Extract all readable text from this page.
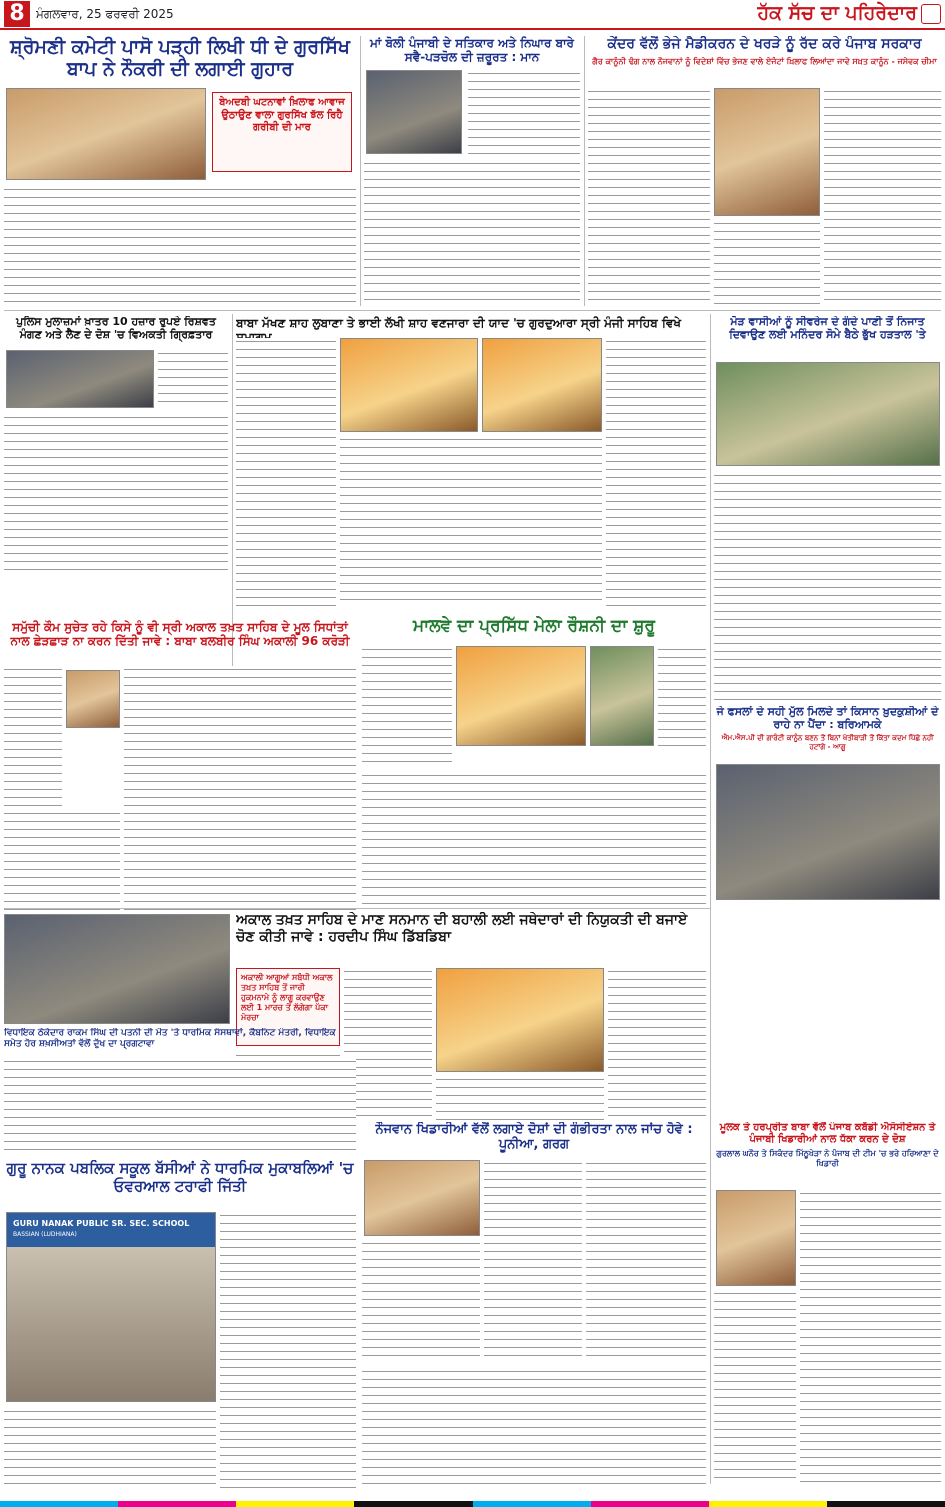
8 ਮੰਗਲਵਾਰ, 25 ਫਰਵਰੀ 2025	ਹੱਕ ਸੱਚ ਦਾ ਪਹਿਰੇਦਾਰ
ਸ਼੍ਰੋਮਣੀ ਕਮੇਟੀ ਪਾਸੋ ਪੜ੍ਹੀ ਲਿਖੀ ਧੀ ਦੇ ਗੁਰਸਿੱਖ ਬਾਪ ਨੇ ਨੌਕਰੀ ਦੀ ਲਗਾਈ ਗੁਹਾਰ
ਬੇਅਦਬੀ ਘਟਨਾਵਾਂ ਖ਼ਿਲਾਫ ਆਵਾਜ ਉਠਾਉਣ ਵਾਲਾ ਗੁਰਸਿੱਖ ਝੱਲ ਰਿਹੈ ਗਰੀਬੀ ਦੀ ਮਾਰ
ਮਾਂ ਬੋਲੀ ਪੰਜਾਬੀ ਦੇ ਸਤਿਕਾਰ ਅਤੇ ਨਿਘਾਰ ਬਾਰੇ ਸਵੈ-ਪੜਚੋਲ ਦੀ ਜ਼ਰੂਰਤ : ਮਾਨ
ਕੇਂਦਰ ਵੱਲੋਂ ਭੇਜੇ ਮੈਡੀਕਰਨ ਦੇ ਖਰੜੇ ਨੂੰ ਰੱਦ ਕਰੇ ਪੰਜਾਬ ਸਰਕਾਰ
ਗੈਰ ਕਾਨੂੰਨੀ ਢੰਗ ਨਾਲ ਨੌਜਵਾਨਾਂ ਨੂੰ ਵਿਦੇਸ਼ਾਂ ਵਿੱਚ ਭੇਜਣ ਵਾਲੇ ਏਜੰਟਾਂ ਖ਼ਿਲਾਫ ਲਿਆਂਦਾ ਜਾਵੇ ਸਖ਼ਤ ਕਾਨੂੰਨ - ਜਸੇਵਕ ਚੀਮਾ
ਪੁਲਿਸ ਮੁਲਾਜ਼ਮਾਂ ਖ਼ਾਤਰ 10 ਹਜ਼ਾਰ ਰੁਪਏ ਰਿਸ਼ਵਤ ਮੰਗਣ ਅਤੇ ਲੈਣ ਦੇ ਦੋਸ਼ 'ਚ ਵਿਅਕਤੀ ਗ੍ਰਿਫ਼ਤਾਰ
ਬਾਬਾ ਮੱਖਣ ਸ਼ਾਹ ਲੁਬਾਣਾ ਤੇ ਭਾਈ ਲੱਖੀ ਸ਼ਾਹ ਵਣਜਾਰਾ ਦੀ ਯਾਦ 'ਚ ਗੁਰਦੁਆਰਾ ਸ੍ਰੀ ਮੰਜੀ ਸਾਹਿਬ ਵਿਖੇ	ਮੋੜ ਵਾਸੀਆਂ ਨੂੰ ਸੀਵਰੇਜ ਦੇ ਗੰਦੇ ਪਾਣੀ ਤੋਂ ਨਿਜਾਤ ਦਿਵਾਉਣ ਲਈ ਮਨਿੰਦਰ ਸੋਮੇ ਬੈਠੇ ਭੁੱਖ ਹੜਤਾਲ 'ਤੇ
ਸਮੁੱਚੀ ਕੌਮ ਸੁਚੇਤ ਰਹੇ ਕਿਸੇ ਨੂੰ ਵੀ ਸ੍ਰੀ ਅਕਾਲ ਤਖ਼ਤ ਸਾਹਿਬ ਦੇ ਮੂਲ ਸਿਧਾਂਤਾਂ ਨਾਲ ਛੇੜਛਾੜ ਨਾ ਕਰਨ ਦਿੱਤੀ ਜਾਵੇ : ਬਾਬਾ ਬਲਬੀਰ ਸਿੰਘ ਅਕਾਲੀ 96 ਕਰੋੜੀ
ਮਾਲਵੇ ਦਾ ਪ੍ਰਸਿੱਧ ਮੇਲਾ ਰੌਸ਼ਨੀ ਦਾ ਸ਼ੁਰੂ
ਜੇ ਫਸਲਾਂ ਦੇ ਸਹੀ ਮੁੱਲ ਮਿਲਦੇ ਤਾਂ ਕਿਸਾਨ ਖ਼ੁਦਕੁਸ਼ੀਆਂ ਦੇ ਰਾਹੇ ਨਾ ਪੈਂਦਾ : ਬਰਿਆਮਕੇ
ਐਮ.ਐਸ.ਪੀ ਦੀ ਗਾਰੰਟੀ ਕਾਨੂੰਨ ਬਣਨ ਤੋਂ ਬਿਨਾਂ ਖੇਤੀਬਾੜੀ ਤੋਂ ਕਿੱਤਾ ਕਦਮ ਪਿੱਛੇ ਨਹੀਂ ਹਟਾਂਗੇ - ਆਗੂ
ਅਕਾਲ ਤਖ਼ਤ ਸਾਹਿਬ ਦੇ ਮਾਣ ਸਨਮਾਨ ਦੀ ਬਹਾਲੀ ਲਈ ਜਥੇਦਾਰਾਂ ਦੀ ਨਿਯੁਕਤੀ ਦੀ ਬਜਾਏ ਚੋਣ ਕੀਤੀ ਜਾਵੇ : ਹਰਦੀਪ ਸਿੰਘ ਡਿੱਬਡਿਬਾ
ਅਕਾਲੀ ਆਗੂਆਂ ਸਬੰਧੀ ਅਕਾਲ ਤਖ਼ਤ ਸਾਹਿਬ ਤੋਂ ਜਾਰੀ ਹੁਕਮਨਾਮੇ ਨੂੰ ਲਾਗੂ ਕਰਵਾਉਣ ਲਈ 1 ਮਾਰਚ ਤੋਂ ਲੱਗੇਗਾ ਪੱਕਾ ਮੋਰਚਾ
ਵਿਧਾਇਕ ਠੇਕੇਦਾਰ ਰਾਕਮ ਸਿੰਘ ਦੀ ਪਤਨੀ ਦੀ ਮੌਤ 'ਤੇ ਧਾਰਮਿਕ ਸੰਸਥਾਵਾਂ, ਕੈਬਨਿਟ ਮੰਤਰੀ, ਵਿਧਾਇਕ ਸਮੇਤ ਹੋਰ ਸ਼ਖ਼ਸੀਅਤਾਂ ਵੱਲੋਂ ਦੁੱਖ ਦਾ ਪ੍ਰਗਟਾਵਾ
ਨੌਜਵਾਨ ਖਿਡਾਰੀਆਂ ਵੱਲੋਂ ਲਗਾਏ ਦੋਸ਼ਾਂ ਦੀ ਗੰਭੀਰਤਾ ਨਾਲ ਜਾਂਚ ਹੋਵੇ : ਪੂਨੀਆ, ਗਰਗ
ਮੂਲਕ ਤੇ ਹਰਪ੍ਰੀਤ ਬਾਬਾ ਵੱਲੋਂ ਪੰਜਾਬ ਕਬੱਡੀ ਐਸੋਸੀਏਸ਼ਨ ਤੇ ਪੰਜਾਬੀ ਖਿਡਾਰੀਆਂ ਨਾਲ ਧੱਕਾ ਕਰਨ ਦੇ ਦੋਸ਼
ਗੁਰਲਾਲ ਘਨੌਰ ਤੇ ਸਿਕੰਦਰ ਮਿੱਠੂਖੇੜਾ ਨੇ ਪੰਜਾਬ ਦੀ ਟੀਮ 'ਚ ਭਰੇ ਹਰਿਆਣਾ ਦੇ ਖਿਡਾਰੀ
ਗੁਰੂ ਨਾਨਕ ਪਬਲਿਕ ਸਕੂਲ ਬੱਸੀਆਂ ਨੇ ਧਾਰਮਿਕ ਮੁਕਾਬਲਿਆਂ 'ਚ ਓਵਰਆਲ ਟਰਾਫੀ ਜਿੱਤੀ
GURU NANAK PUBLIC SR. SEC. SCHOOL
BASSIAN (LUDHIANA)
